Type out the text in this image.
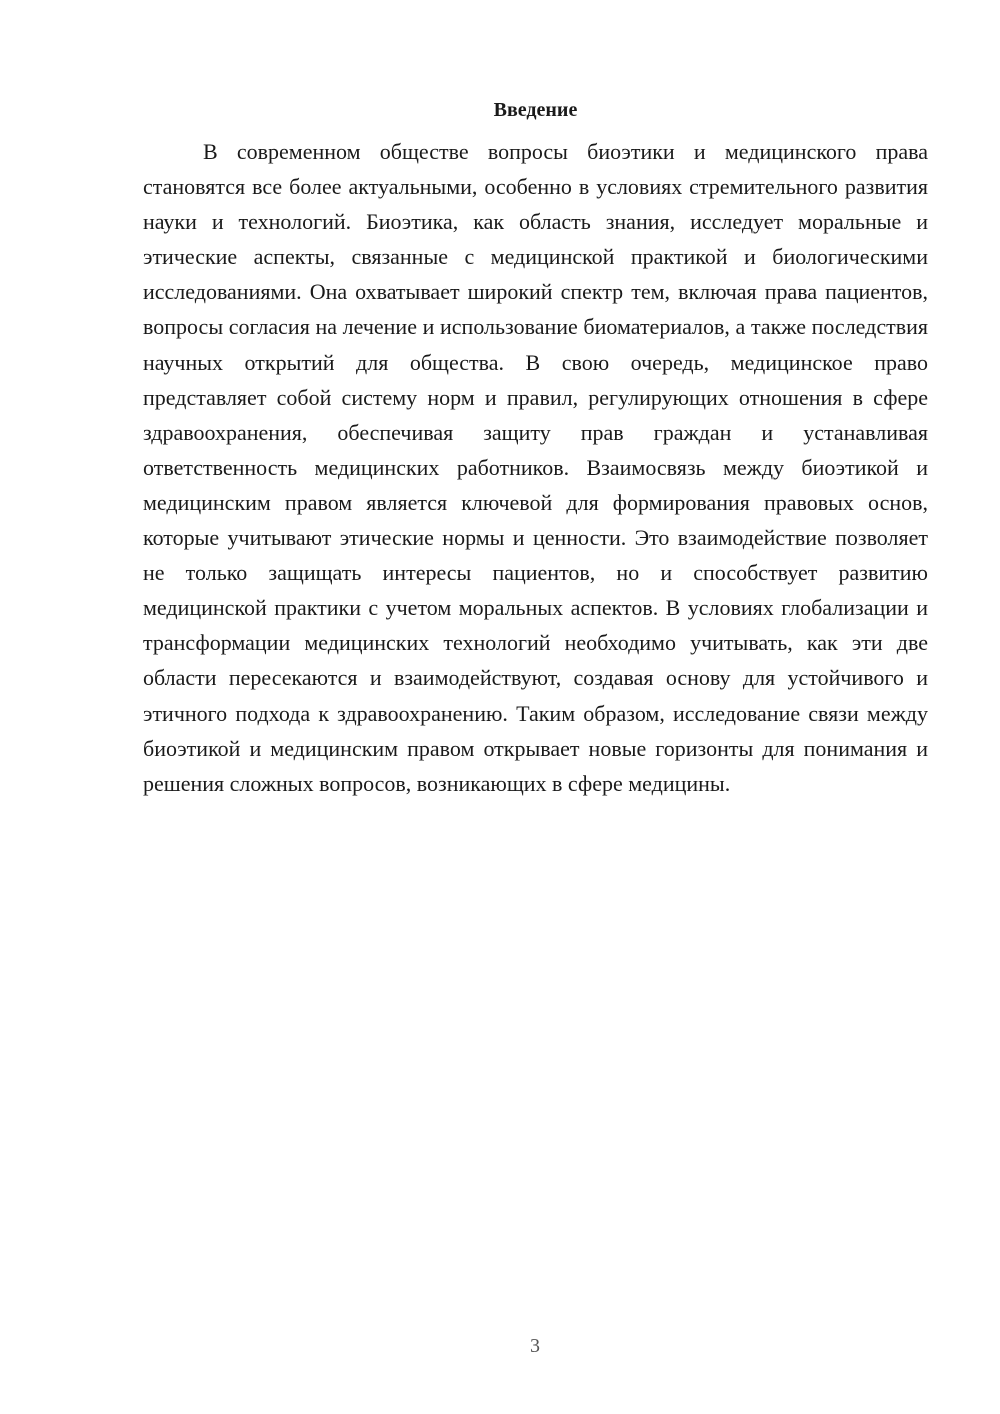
Введение

В современном обществе вопросы биоэтики и медицинского права становятся все более актуальными, особенно в условиях стремительного развития науки и технологий. Биоэтика, как область знания, исследует моральные и этические аспекты, связанные с медицинской практикой и биологическими исследованиями. Она охватывает широкий спектр тем, включая права пациентов, вопросы согласия на лечение и использование биоматериалов, а также последствия научных открытий для общества. В свою очередь, медицинское право представляет собой систему норм и правил, регулирующих отношения в сфере здравоохранения, обеспечивая защиту прав граждан и устанавливая ответственность медицинских работников. Взаимосвязь между биоэтикой и медицинским правом является ключевой для формирования правовых основ, которые учитывают этические нормы и ценности. Это взаимодействие позволяет не только защищать интересы пациентов, но и способствует развитию медицинской практики с учетом моральных аспектов. В условиях глобализации и трансформации медицинских технологий необходимо учитывать, как эти две области пересекаются и взаимодействуют, создавая основу для устойчивого и этичного подхода к здравоохранению. Таким образом, исследование связи между биоэтикой и медицинским правом открывает новые горизонты для понимания и решения сложных вопросов, возникающих в сфере медицины.

3
